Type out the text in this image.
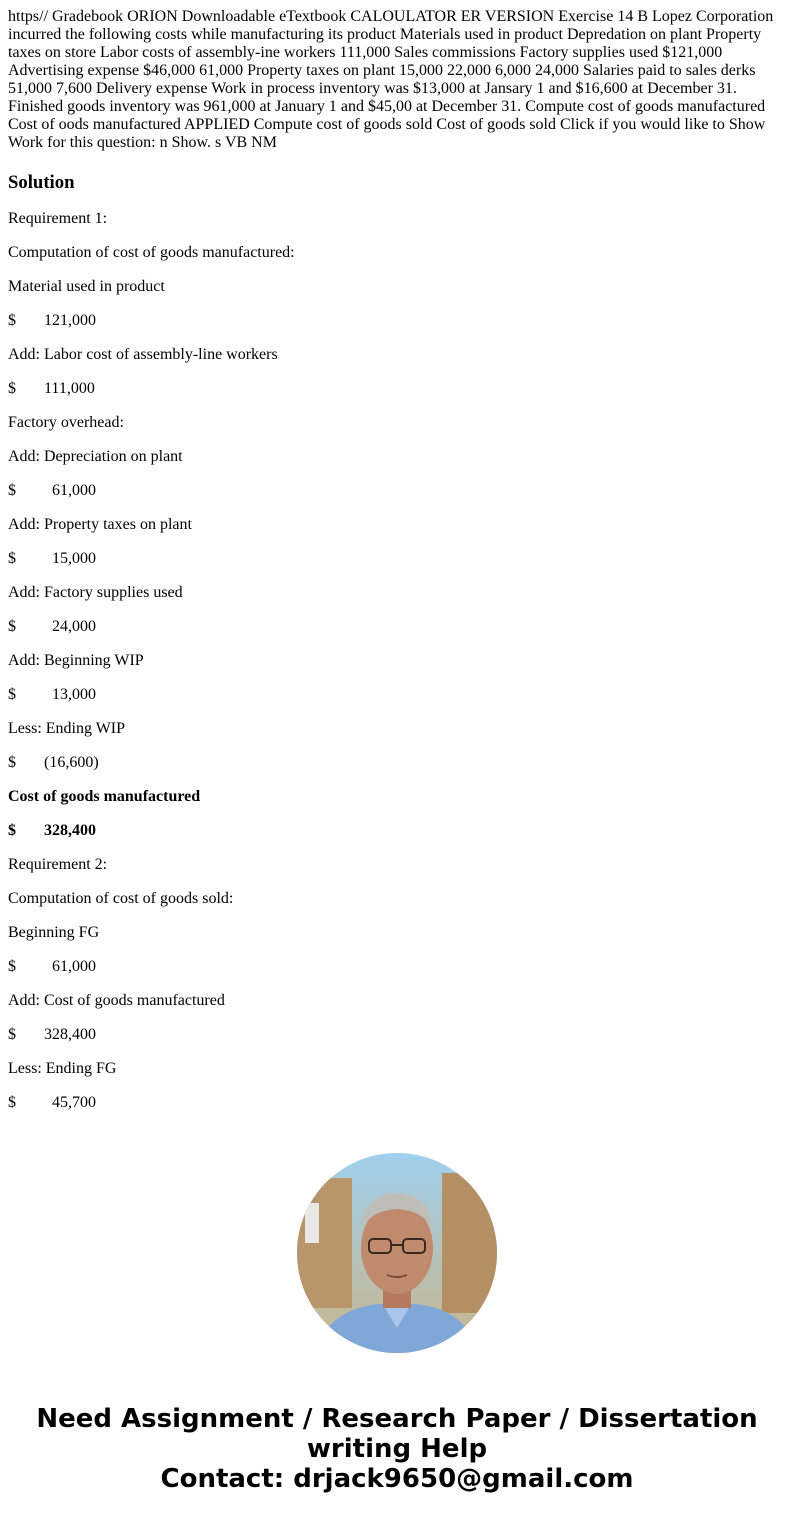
https// Gradebook ORION Downloadable eTextbook CALOULATOR ER VERSION Exercise 14 B Lopez Corporation incurred the following costs while manufacturing its product Materials used in product Depredation on plant Property taxes on store Labor costs of assembly-ine workers 111,000 Sales commissions Factory supplies used $121,000 Advertising expense $46,000 61,000 Property taxes on plant 15,000 22,000 6,000 24,000 Salaries paid to sales derks 51,000 7,600 Delivery expense Work in process inventory was $13,000 at Jansary 1 and $16,600 at December 31. Finished goods inventory was 961,000 at January 1 and $45,00 at December 31. Compute cost of goods manufactured Cost of oods manufactured APPLIED Compute cost of goods sold Cost of goods sold Click if you would like to Show Work for this question: n Show. s VB NM

Solution

Requirement 1:

Computation of cost of goods manufactured:

Material used in product

$       121,000

Add: Labor cost of assembly-line workers

$       111,000

Factory overhead:

Add: Depreciation on plant

$         61,000

Add: Property taxes on plant

$         15,000

Add: Factory supplies used

$         24,000

Add: Beginning WIP

$         13,000

Less: Ending WIP

$       (16,600)

Cost of goods manufactured

$       328,400

Requirement 2:

Computation of cost of goods sold:

Beginning FG

$         61,000

Add: Cost of goods manufactured

$       328,400

Less: Ending FG

$         45,700

Need Assignment / Research Paper / Dissertation
writing Help
Contact: drjack9650@gmail.com
